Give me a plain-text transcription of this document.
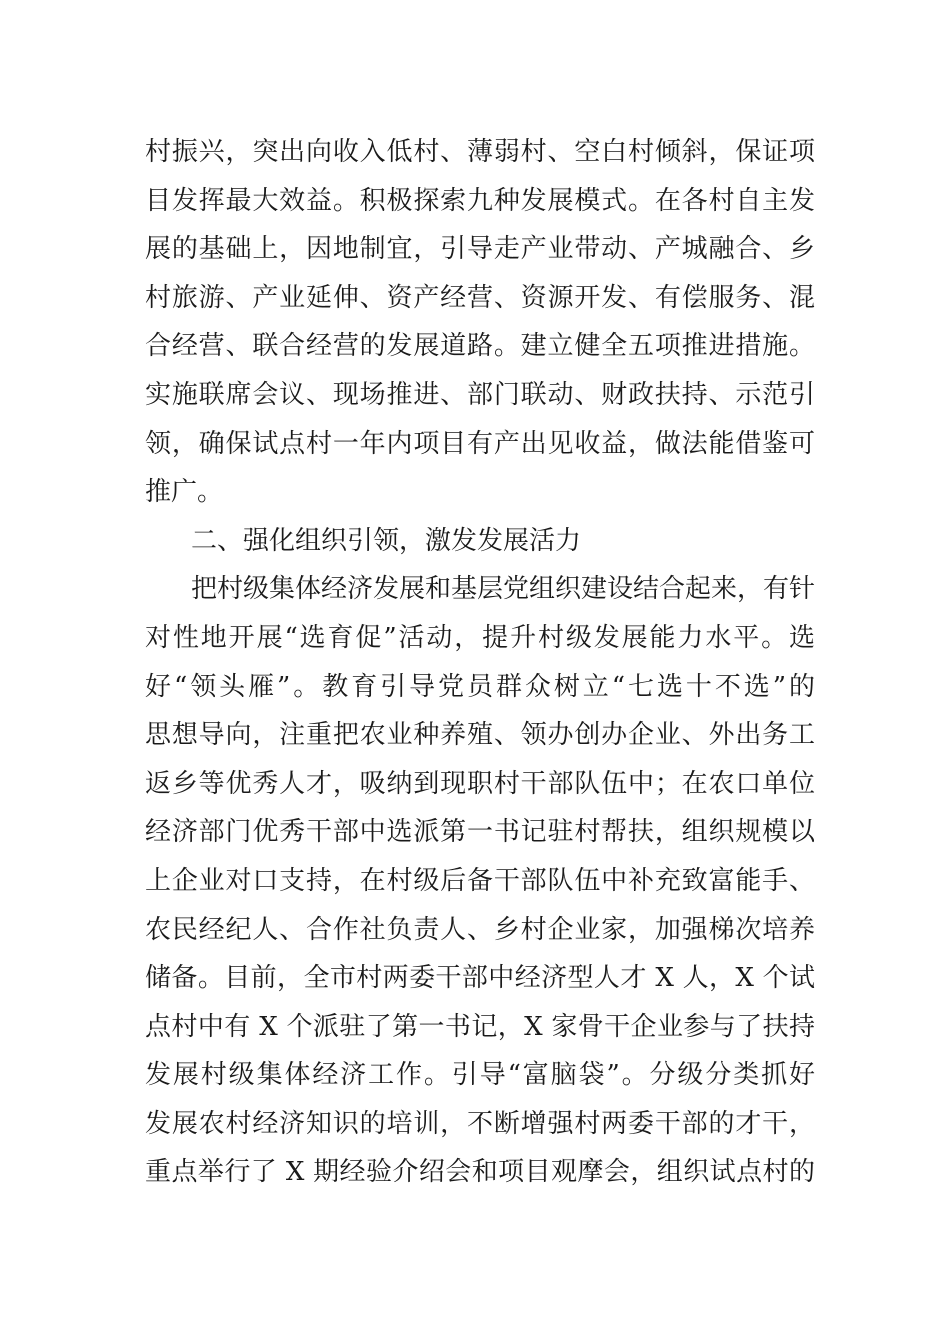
村振兴，突出向收入低村、薄弱村、空白村倾斜，保证项
目发挥最大效益。积极探索九种发展模式。在各村自主发
展的基础上，因地制宜，引导走产业带动、产城融合、乡
村旅游、产业延伸、资产经营、资源开发、有偿服务、混
合经营、联合经营的发展道路。建立健全五项推进措施。
实施联席会议、现场推进、部门联动、财政扶持、示范引
领，确保试点村一年内项目有产出见收益，做法能借鉴可
推广。
二、强化组织引领，激发发展活力
把村级集体经济发展和基层党组织建设结合起来，有针
对性地开展“选育促”活动，提升村级发展能力水平。选
好“领头雁”。教育引导党员群众树立“七选十不选”的
思想导向，注重把农业种养殖、领办创办企业、外出务工
返乡等优秀人才，吸纳到现职村干部队伍中；在农口单位
经济部门优秀干部中选派第一书记驻村帮扶，组织规模以
上企业对口支持，在村级后备干部队伍中补充致富能手、
农民经纪人、合作社负责人、乡村企业家，加强梯次培养
储备。目前，全市村两委干部中经济型人才 X 人，X 个试
点村中有 X 个派驻了第一书记，X 家骨干企业参与了扶持
发展村级集体经济工作。引导“富脑袋”。分级分类抓好
发展农村经济知识的培训，不断增强村两委干部的才干，
重点举行了 X 期经验介绍会和项目观摩会，组织试点村的
